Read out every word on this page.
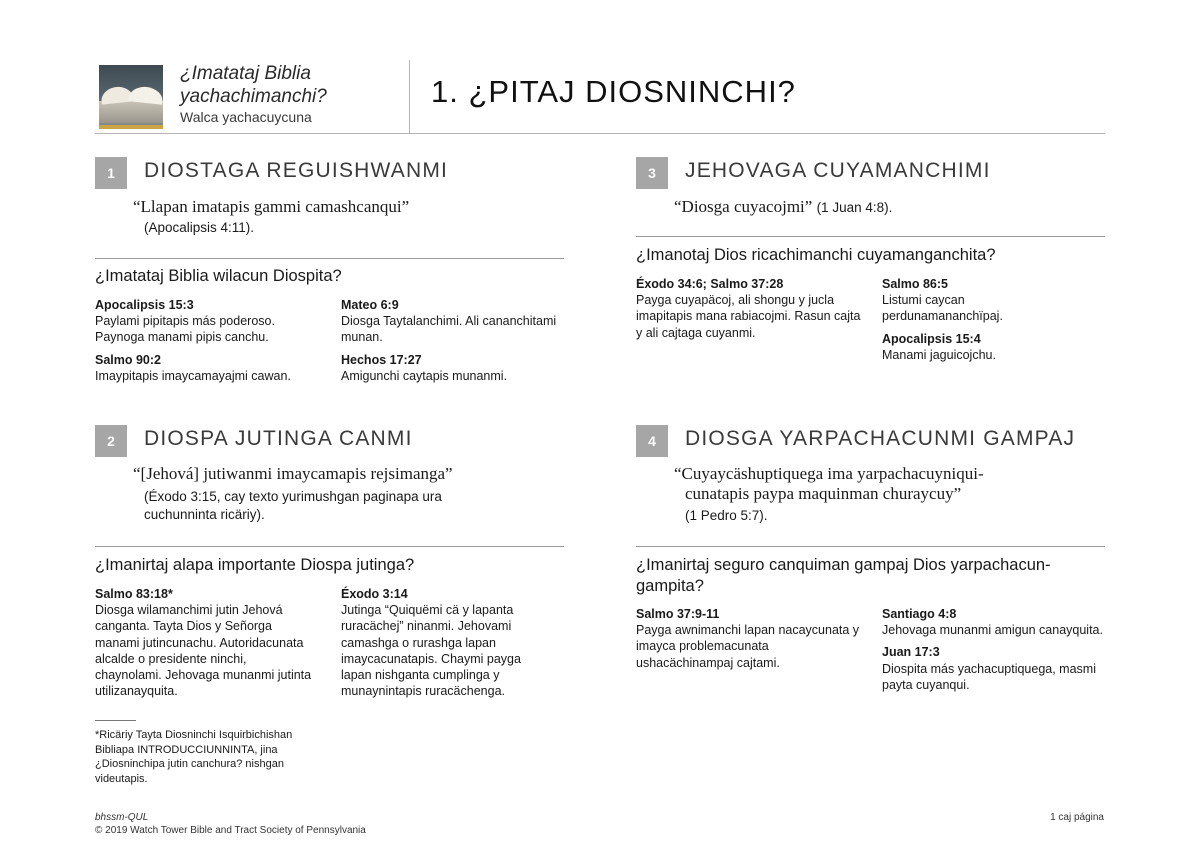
¿Imatataj Biblia
yachachimanchi?
Walca yachacuycuna
1. ¿PITAJ DIOSNINCHI?
1	DIOSTAGA REGUISHWANMI
“Llapan imatapis gammi camashcanqui”
(Apocalipsis 4:11).
¿Imatataj Biblia wilacun Diospita?
Apocalipsis 15:3

Paylami pipitapis más poderoso. Paynoga manami pipis canchu.

Salmo 90:2

Imaypitapis imaycamayajmi cawan.

Mateo 6:9

Diosga Taytalanchimi. Ali cananchitami munan.

Hechos 17:27

Amigunchi caytapis munanmi.

2	DIOSPA JUTINGA CANMI
“[Jehová] jutiwanmi imaycamapis rejsimanga”
(Éxodo 3:15, cay texto yurimushgan paginapa ura cuchunninta ricäriy).
¿Imanirtaj alapa importante Diospa jutinga?
Salmo 83:18*

Diosga wilamanchimi jutin Jehová canganta. Tayta Dios y Señorga manami jutincunachu. Autoridacunata alcalde o presidente ninchi, chaynolami. Jehovaga munanmi jutinta utilizanayquita.

Éxodo 3:14

Jutinga “Quiquëmi cä y lapanta ruracächej” ninanmi. Jehovami camashga o rurashga lapan imaycacunatapis. Chaymi payga lapan nishganta cumplinga y munaynintapis ruracächenga.

3	JEHOVAGA CUYAMANCHIMI
“Diosga cuyacojmi” (1 Juan 4:8).
¿Imanotaj Dios ricachimanchi cuyamanganchita?
Éxodo 34:6; Salmo 37:28

Payga cuyapäcoj, ali shongu y jucla imapitapis mana rabiacojmi. Rasun cajta y ali cajtaga cuyanmi.

Salmo 86:5

Listumi caycan perdunamananchïpaj.

Apocalipsis 15:4

Manami jaguicojchu.

4	DIOSGA YARPACHACUNMI GAMPAJ
“Cuyaycäshuptiquega ima yarpachacuyniqui-
cunatapis paypa maquinman churaycuy”
(1 Pedro 5:7).
¿Imanirtaj seguro canquiman gampaj Dios yarpachacun-
gampita?
Salmo 37:9-11

Payga awnimanchi lapan nacaycunata y imayca problemacunata ushacächinampaj cajtami.

Santiago 4:8

Jehovaga munanmi amigun canayquita.

Juan 17:3

Diospita más yachacuptiquega, masmi payta cuyanqui.

*Ricäriy Tayta Diosninchi Isquirbichishan
Bibliapa INTRODUCCIUNNINTA, jina
¿Diosninchipa jutin canchura? nishgan
videutapis.
bhssm-QUL
© 2019 Watch Tower Bible and Tract Society of Pennsylvania
1 caj página
